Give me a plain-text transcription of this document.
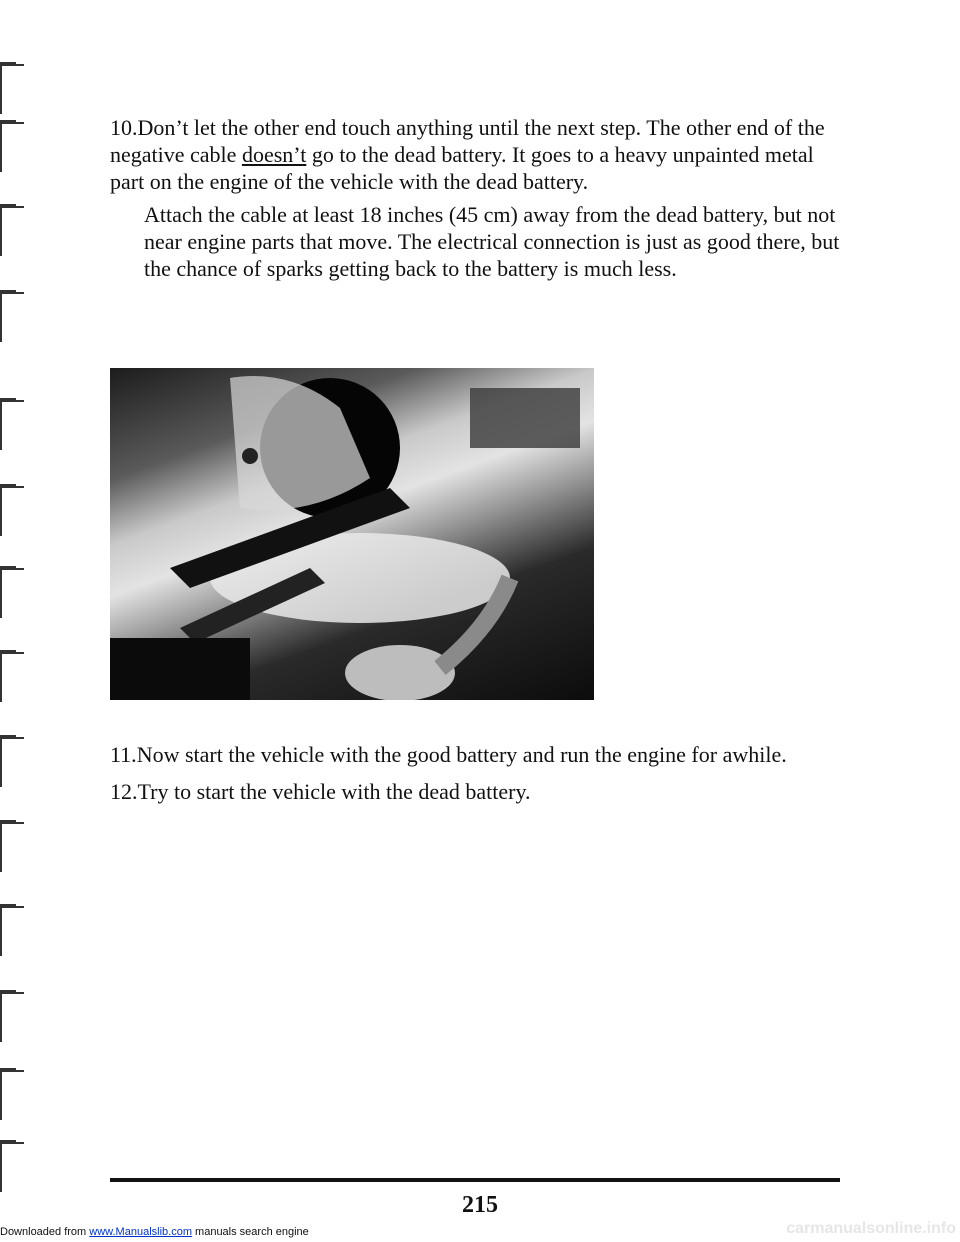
10.Don’t let the other end touch anything until the next step. The other end of the negative cable doesn’t go to the dead battery. It goes to a heavy unpainted metal part on the engine of the vehicle with the dead battery.

Attach the cable at least 18 inches (45 cm) away from the dead battery, but not near engine parts that move. The electrical connection is just as good there, but the chance of sparks getting back to the battery is much less.

11.Now start the vehicle with the good battery and run the engine for awhile.

12.Try to start the vehicle with the dead battery.

215
Downloaded from www.Manualslib.com manuals search engine	carmanualsonline.info
